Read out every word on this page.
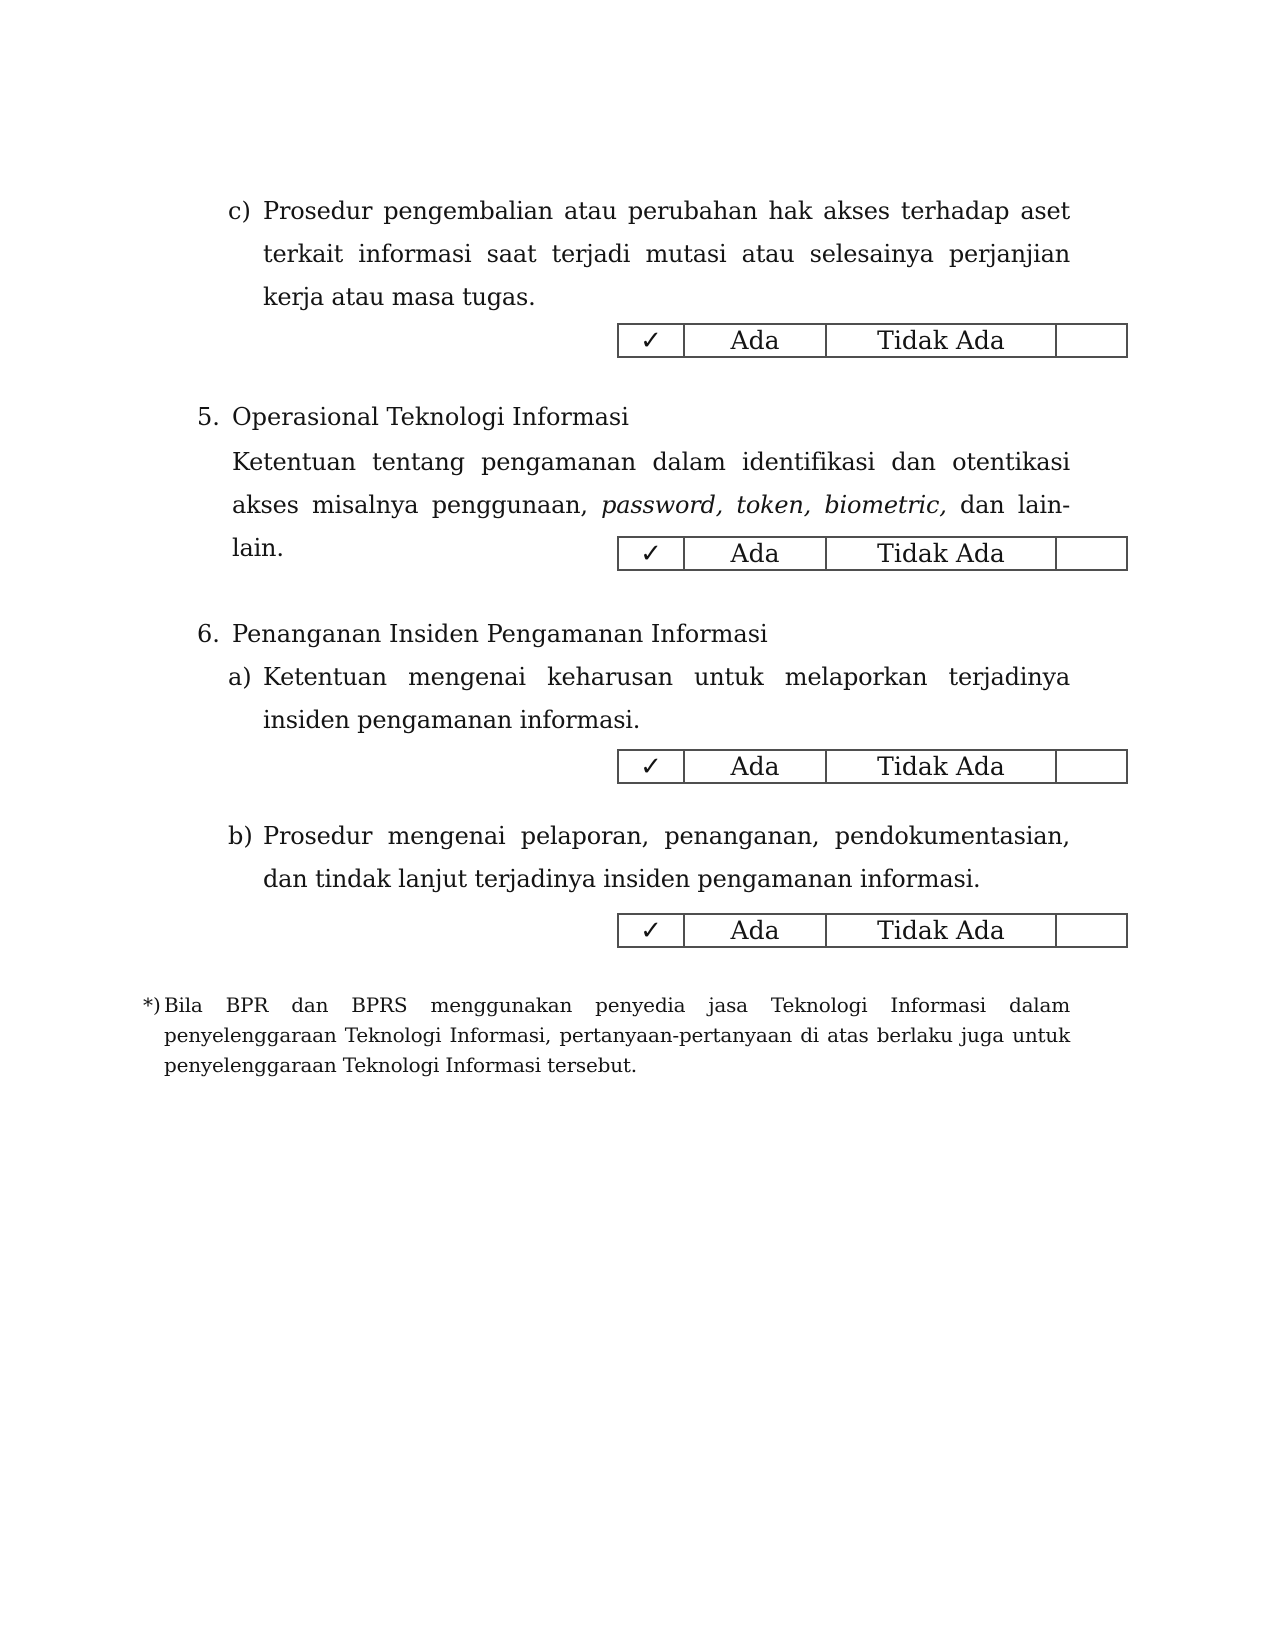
c) Prosedur pengembalian atau perubahan hak akses terhadap aset terkait informasi saat terjadi mutasi atau selesainya perjanjian kerja atau masa tugas.
✓	Ada	Tidak Ada
5. Operasional Teknologi Informasi
Ketentuan tentang pengamanan dalam identifikasi dan otentikasi akses misalnya penggunaan, password, token, biometric, dan lain-lain.	✓	Ada	Tidak Ada
6. Penanganan Insiden Pengamanan Informasi
a) Ketentuan mengenai keharusan untuk melaporkan terjadinya insiden pengamanan informasi.
✓	Ada	Tidak Ada
b) Prosedur mengenai pelaporan, penanganan, pendokumentasian, dan tindak lanjut terjadinya insiden pengamanan informasi.
✓	Ada	Tidak Ada
*) Bila BPR dan BPRS menggunakan penyedia jasa Teknologi Informasi dalam penyelenggaraan Teknologi Informasi, pertanyaan-pertanyaan di atas berlaku juga untuk penyelenggaraan Teknologi Informasi tersebut.
